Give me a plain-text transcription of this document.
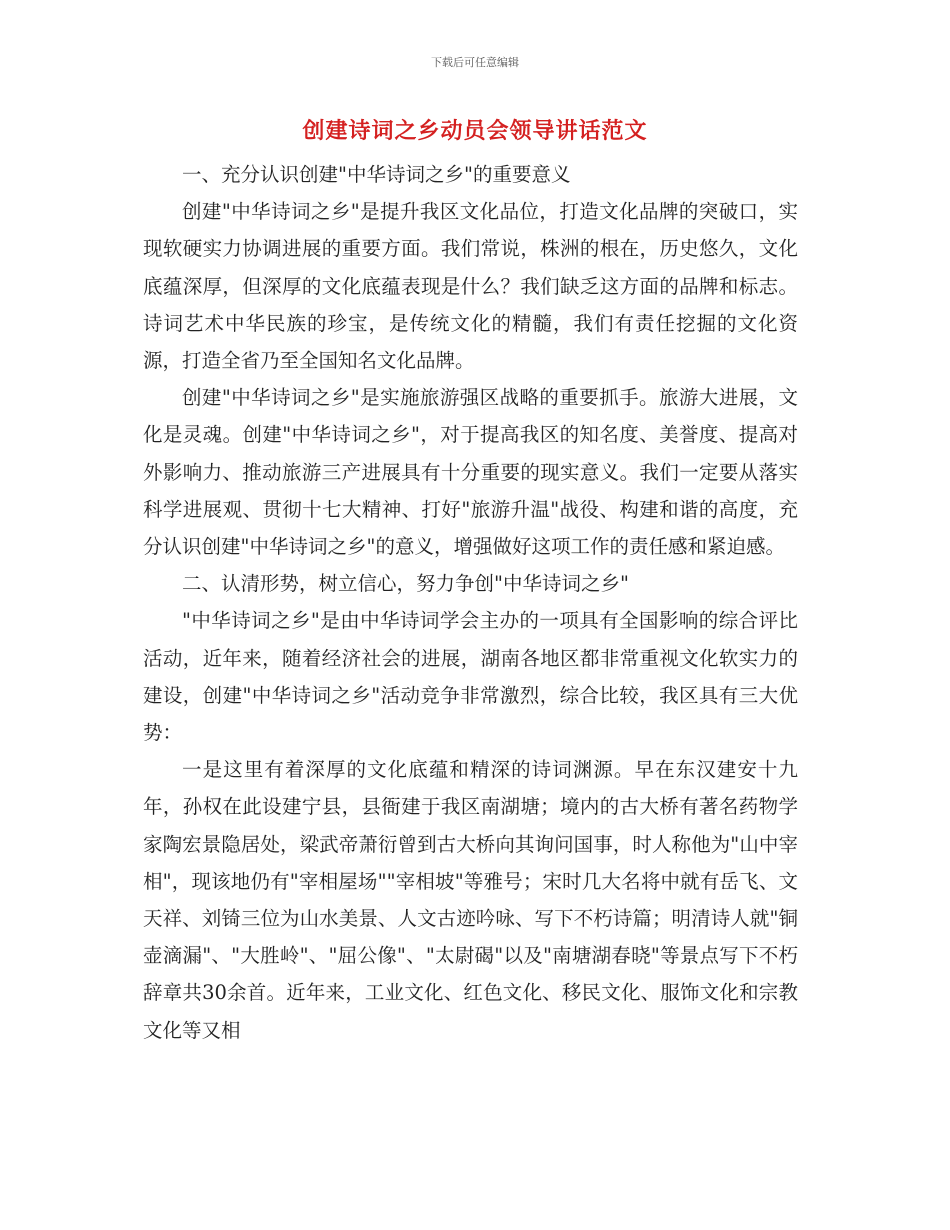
下载后可任意编辑
创建诗词之乡动员会领导讲话范文

一、充分认识创建"中华诗词之乡"的重要意义

创建"中华诗词之乡"是提升我区文化品位，打造文化品牌的突破口，实现软硬实力协调进展的重要方面。我们常说，株洲的根在，历史悠久，文化底蕴深厚，但深厚的文化底蕴表现是什么？我们缺乏这方面的品牌和标志。诗词艺术中华民族的珍宝，是传统文化的精髓，我们有责任挖掘的文化资源，打造全省乃至全国知名文化品牌。

创建"中华诗词之乡"是实施旅游强区战略的重要抓手。旅游大进展，文化是灵魂。创建"中华诗词之乡"，对于提高我区的知名度、美誉度、提高对外影响力、推动旅游三产进展具有十分重要的现实意义。我们一定要从落实科学进展观、贯彻十七大精神、打好"旅游升温"战役、构建和谐的高度，充分认识创建"中华诗词之乡"的意义，增强做好这项工作的责任感和紧迫感。

二、认清形势，树立信心，努力争创"中华诗词之乡"

"中华诗词之乡"是由中华诗词学会主办的一项具有全国影响的综合评比活动，近年来，随着经济社会的进展，湖南各地区都非常重视文化软实力的建设，创建"中华诗词之乡"活动竞争非常激烈，综合比较，我区具有三大优势：

一是这里有着深厚的文化底蕴和精深的诗词渊源。早在东汉建安十九年，孙权在此设建宁县，县衙建于我区南湖塘；境内的古大桥有著名药物学家陶宏景隐居处，梁武帝萧衍曾到古大桥向其询问国事，时人称他为"山中宰相"，现该地仍有"宰相屋场""宰相坡"等雅号；宋时几大名将中就有岳飞、文天祥、刘锜三位为山水美景、人文古迹吟咏、写下不朽诗篇；明清诗人就"铜壶滴漏"、"大胜岭"、"屈公像"、"太尉碣"以及"南塘湖春晓"等景点写下不朽辞章共30余首。近年来，工业文化、红色文化、移民文化、服饰文化和宗教文化等又相
